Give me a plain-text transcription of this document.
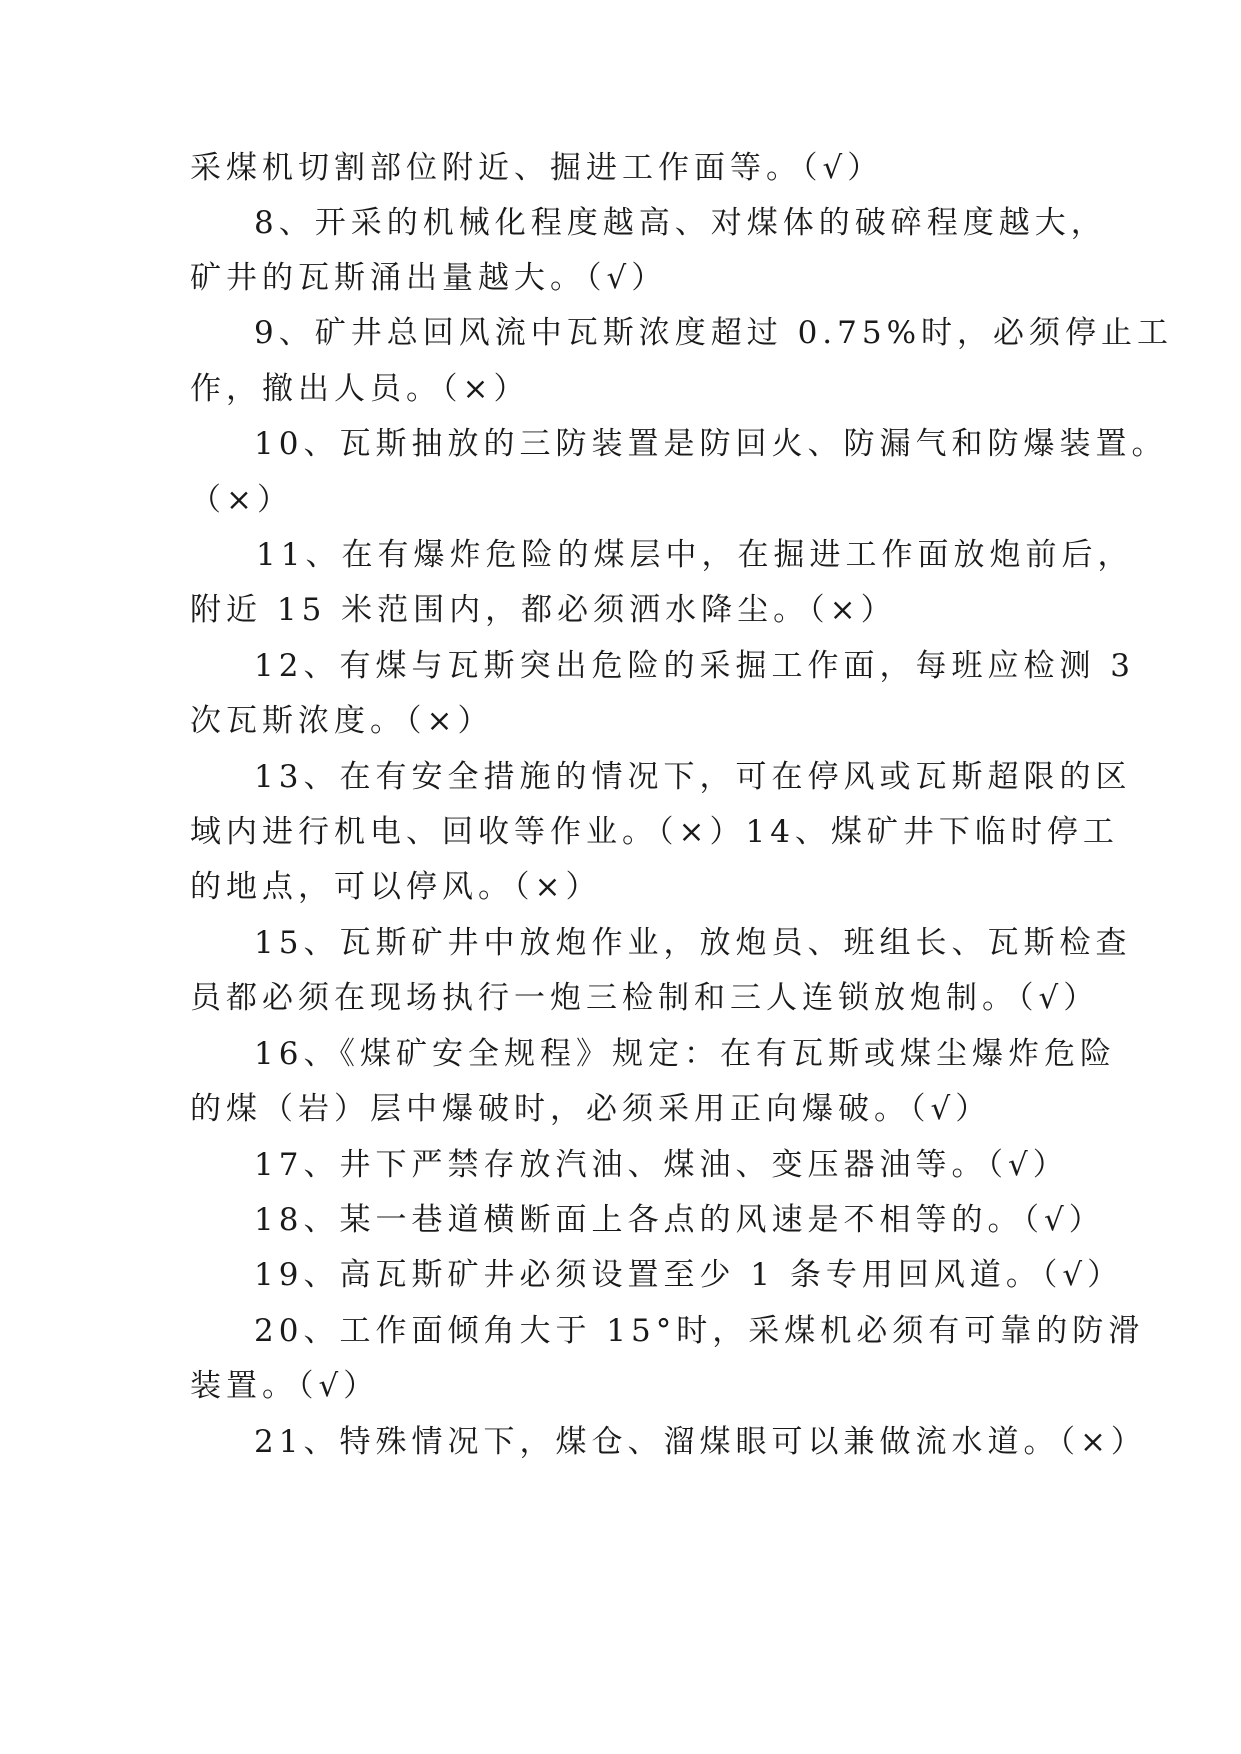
采煤机切割部位附近、掘进工作面等。（√）
8、开采的机械化程度越高、对煤体的破碎程度越大，
矿井的瓦斯涌出量越大。（√）
9、矿井总回风流中瓦斯浓度超过 0.75%时，必须停止工
作，撤出人员。（×）
10、瓦斯抽放的三防装置是防回火、防漏气和防爆装置。
（×）
11、在有爆炸危险的煤层中，在掘进工作面放炮前后，
附近 15 米范围内，都必须洒水降尘。（×）
12、有煤与瓦斯突出危险的采掘工作面，每班应检测 3
次瓦斯浓度。（×）
13、在有安全措施的情况下，可在停风或瓦斯超限的区
域内进行机电、回收等作业。（×）14、煤矿井下临时停工
的地点，可以停风。（×）
15、瓦斯矿井中放炮作业，放炮员、班组长、瓦斯检查
员都必须在现场执行一炮三检制和三人连锁放炮制。（√）
16、《煤矿安全规程》规定：在有瓦斯或煤尘爆炸危险
的煤（岩）层中爆破时，必须采用正向爆破。（√）
17、井下严禁存放汽油、煤油、变压器油等。（√）
18、某一巷道横断面上各点的风速是不相等的。（√）
19、高瓦斯矿井必须设置至少 1 条专用回风道。（√）
20、工作面倾角大于 15°时，采煤机必须有可靠的防滑
装置。（√）
21、特殊情况下，煤仓、溜煤眼可以兼做流水道。（×）
